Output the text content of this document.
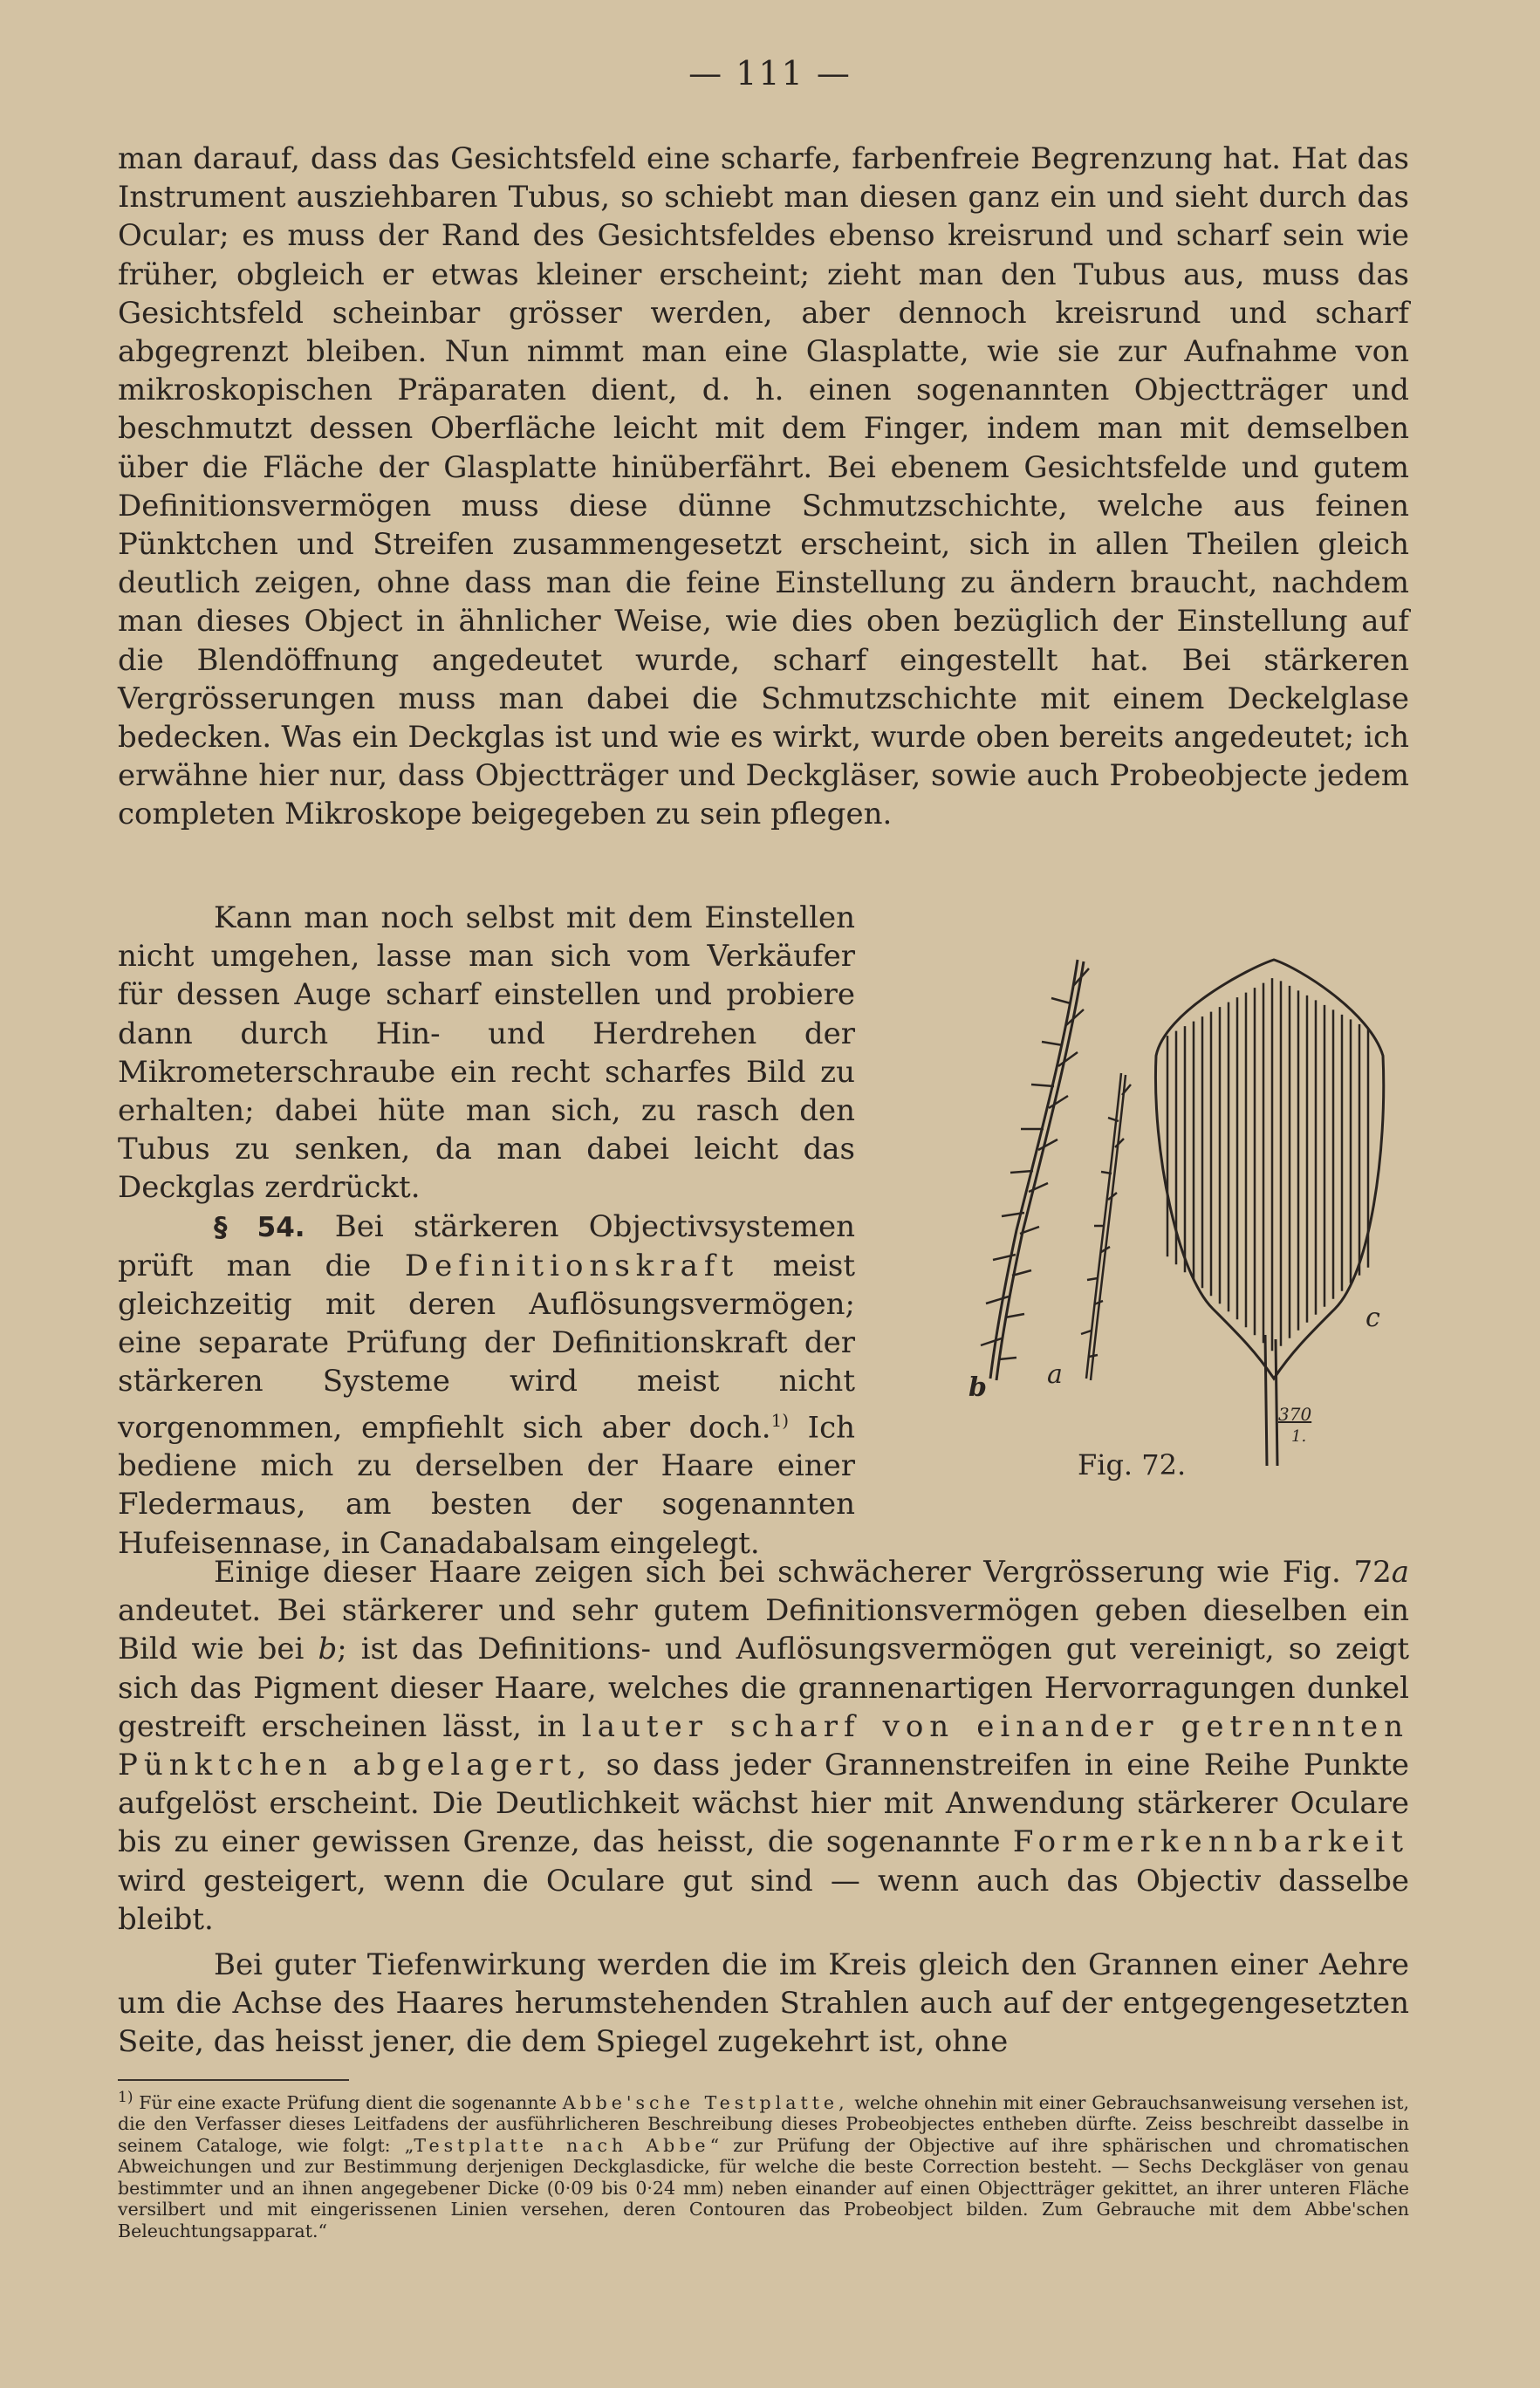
— 111 —

man darauf, dass das Gesichtsfeld eine scharfe, farbenfreie Begrenzung hat. Hat das Instrument ausziehbaren Tubus, so schiebt man diesen ganz ein und sieht durch das Ocular; es muss der Rand des Gesichtsfeldes ebenso kreisrund und scharf sein wie früher, obgleich er etwas kleiner erscheint; zieht man den Tubus aus, muss das Gesichtsfeld scheinbar grösser werden, aber dennoch kreisrund und scharf abgegrenzt bleiben. Nun nimmt man eine Glasplatte, wie sie zur Aufnahme von mikroskopischen Präparaten dient, d. h. einen sogenannten Objectträger und beschmutzt dessen Oberfläche leicht mit dem Finger, indem man mit demselben über die Fläche der Glasplatte hinüberfährt. Bei ebenem Gesichtsfelde und gutem Definitionsvermögen muss diese dünne Schmutzschichte, welche aus feinen Pünktchen und Streifen zusammengesetzt erscheint, sich in allen Theilen gleich deutlich zeigen, ohne dass man die feine Einstellung zu ändern braucht, nachdem man dieses Object in ähnlicher Weise, wie dies oben bezüglich der Einstellung auf die Blendöffnung angedeutet wurde, scharf eingestellt hat. Bei stärkeren Vergrösserungen muss man dabei die Schmutzschichte mit einem Deckelglase bedecken. Was ein Deckglas ist und wie es wirkt, wurde oben bereits angedeutet; ich erwähne hier nur, dass Objectträger und Deckgläser, sowie auch Probeobjecte jedem completen Mikroskope beigegeben zu sein pflegen.

Kann man noch selbst mit dem Einstellen nicht umgehen, lasse man sich vom Verkäufer für dessen Auge scharf einstellen und probiere dann durch Hin- und Herdrehen der Mikrometerschraube ein recht scharfes Bild zu erhalten; dabei hüte man sich, zu rasch den Tubus zu senken, da man dabei leicht das Deckglas zerdrückt.

§ 54. Bei stärkeren Objectivsystemen prüft man die Definitionskraft meist gleichzeitig mit deren Auflösungsvermögen; eine separate Prüfung der Definitionskraft der stärkeren Systeme wird meist nicht vorgenommen, empfiehlt sich aber doch.$^{1)}$ Ich bediene mich zu derselben der Haare einer Fledermaus, am besten der sogenannten Hufeisennase, in Canadabalsam eingelegt.

Einige dieser Haare zeigen sich bei schwächerer Vergrösserung wie Fig. 72a andeutet. Bei stärkerer und sehr gutem Definitionsvermögen geben dieselben ein Bild wie bei b; ist das Definitions- und Auflösungsvermögen gut vereinigt, so zeigt sich das Pigment dieser Haare, welches die grannenartigen Hervorragungen dunkel gestreift erscheinen lässt, in lauter scharf von einander getrennten Pünktchen abgelagert, so dass jeder Grannenstreifen in eine Reihe Punkte aufgelöst erscheint. Die Deutlichkeit wächst hier mit Anwendung stärkerer Oculare bis zu einer gewissen Grenze, das heisst, die sogenannte Formerkennbarkeit wird gesteigert, wenn die Oculare gut sind — wenn auch das Objectiv dasselbe bleibt.

Bei guter Tiefenwirkung werden die im Kreis gleich den Grannen einer Aehre um die Achse des Haares herumstehenden Strahlen auch auf der entgegengesetzten Seite, das heisst jener, die dem Spiegel zugekehrt ist, ohne

370
1.
b a
c
Fig. 72.
$^{1)}$ Für eine exacte Prüfung dient die sogenannte Abbe'sche Testplatte, welche ohnehin mit einer Gebrauchsanweisung versehen ist, die den Verfasser dieses Leitfadens der ausführlicheren Beschreibung dieses Probeobjectes entheben dürfte. Zeiss beschreibt dasselbe in seinem Cataloge, wie folgt: „Testplatte nach Abbe“ zur Prüfung der Objective auf ihre sphärischen und chromatischen Abweichungen und zur Bestimmung derjenigen Deckglasdicke, für welche die beste Correction besteht. — Sechs Deckgläser von genau bestimmter und an ihnen angegebener Dicke (0·09 bis 0·24 mm) neben einander auf einen Objectträger gekittet, an ihrer unteren Fläche versilbert und mit eingerissenen Linien versehen, deren Contouren das Probeobject bilden. Zum Gebrauche mit dem Abbe'schen Beleuchtungsapparat.“
